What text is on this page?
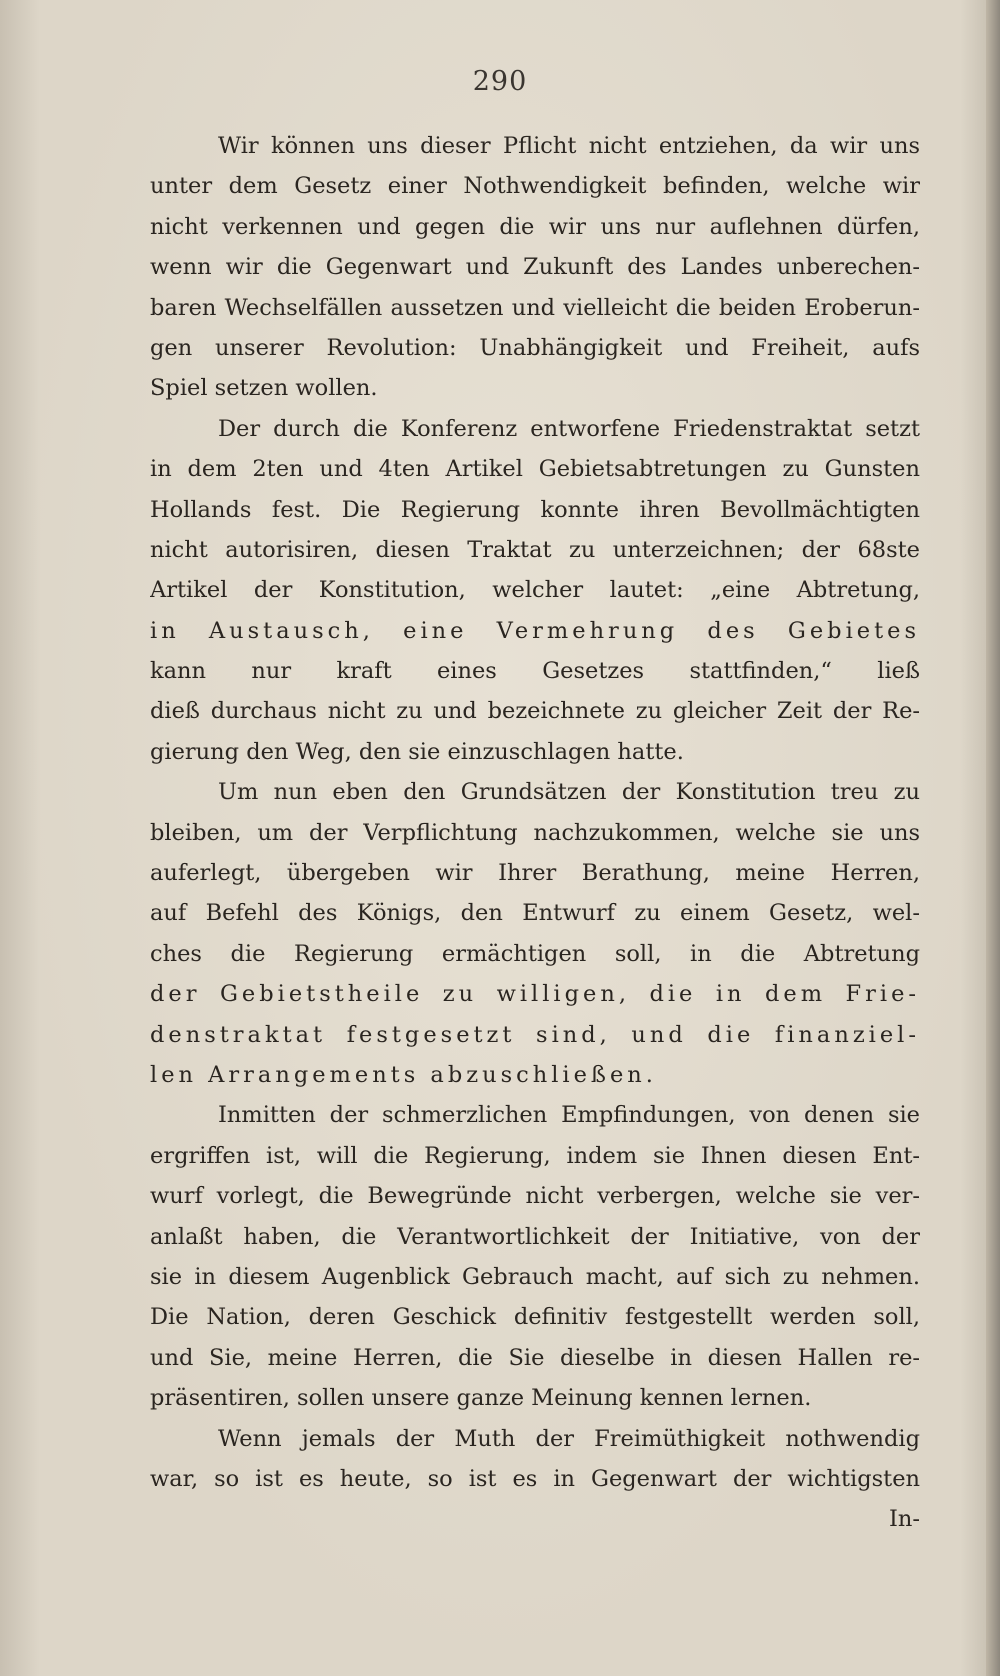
290
Wir können uns dieser Pflicht nicht entziehen, da wir uns
unter dem Gesetz einer Nothwendigkeit befinden, welche wir
nicht verkennen und gegen die wir uns nur auflehnen dürfen,
wenn wir die Gegenwart und Zukunft des Landes unberechen-
baren Wechselfällen aussetzen und vielleicht die beiden Eroberun-
gen unserer Revolution: Unabhängigkeit und Freiheit, aufs
Spiel setzen wollen.
Der durch die Konferenz entworfene Friedenstraktat setzt
in dem 2ten und 4ten Artikel Gebietsabtretungen zu Gunsten
Hollands fest. Die Regierung konnte ihren Bevollmächtigten
nicht autorisiren, diesen Traktat zu unterzeichnen; der 68ste
Artikel der Konstitution, welcher lautet: „eine Abtretung,
in Austausch, eine Vermehrung des Gebietes
kann nur kraft eines Gesetzes stattfinden,“ ließ
dieß durchaus nicht zu und bezeichnete zu gleicher Zeit der Re-
gierung den Weg, den sie einzuschlagen hatte.
Um nun eben den Grundsätzen der Konstitution treu zu
bleiben, um der Verpflichtung nachzukommen, welche sie uns
auferlegt, übergeben wir Ihrer Berathung, meine Herren,
auf Befehl des Königs, den Entwurf zu einem Gesetz, wel-
ches die Regierung ermächtigen soll, in die Abtretung
der Gebietstheile zu willigen, die in dem Frie-
denstraktat festgesetzt sind, und die finanziel-
len Arrangements abzuschließen.
Inmitten der schmerzlichen Empfindungen, von denen sie
ergriffen ist, will die Regierung, indem sie Ihnen diesen Ent-
wurf vorlegt, die Bewegründe nicht verbergen, welche sie ver-
anlaßt haben, die Verantwortlichkeit der Initiative, von der
sie in diesem Augenblick Gebrauch macht, auf sich zu nehmen.
Die Nation, deren Geschick definitiv festgestellt werden soll,
und Sie, meine Herren, die Sie dieselbe in diesen Hallen re-
präsentiren, sollen unsere ganze Meinung kennen lernen.
Wenn jemals der Muth der Freimüthigkeit nothwendig
war, so ist es heute, so ist es in Gegenwart der wichtigsten
In-
